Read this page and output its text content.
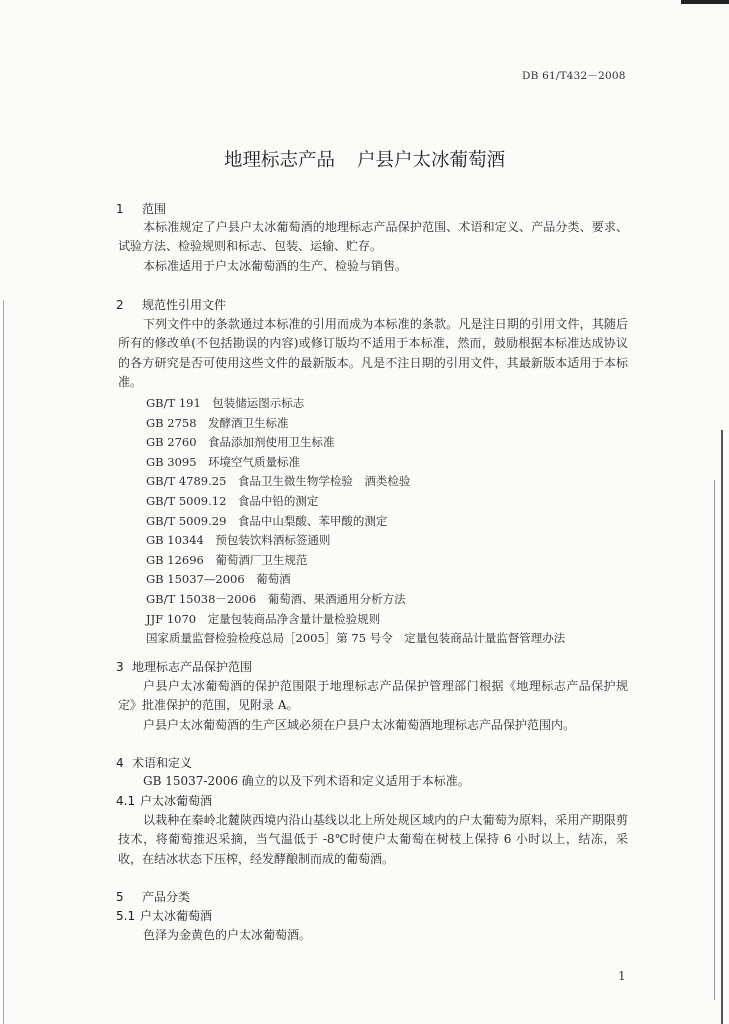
DB 61/T432－2008
地理标志产品 户县户太冰葡萄酒
1 范围
本标准规定了户县户太冰葡萄酒的地理标志产品保护范围、术语和定义、产品分类、要求、试验方法、检验规则和标志、包装、运输、贮存。
本标准适用于户太冰葡萄酒的生产、检验与销售。
2 规范性引用文件
下列文件中的条款通过本标准的引用而成为本标准的条款。凡是注日期的引用文件，其随后所有的修改单(不包括勘误的内容)或修订版均不适用于本标准，然而，鼓励根据本标准达成协议的各方研究是否可使用这些文件的最新版本。凡是不注日期的引用文件，其最新版本适用于本标准。
GB/T 191　包装储运图示标志
GB 2758　发酵酒卫生标准
GB 2760　食品添加剂使用卫生标准
GB 3095　环境空气质量标准
GB/T 4789.25　食品卫生微生物学检验　酒类检验
GB/T 5009.12　食品中铅的测定
GB/T 5009.29　食品中山梨酸、苯甲酸的测定
GB 10344　预包装饮料酒标签通则
GB 12696　葡萄酒厂卫生规范
GB 15037—2006　葡萄酒
GB/T 15038－2006　葡萄酒、果酒通用分析方法
JJF 1070　定量包装商品净含量计量检验规则
国家质量监督检验检疫总局［2005］第 75 号令　定量包装商品计量监督管理办法
3 地理标志产品保护范围
户县户太冰葡萄酒的保护范围限于地理标志产品保护管理部门根据《地理标志产品保护规定》批准保护的范围，见附录 A。
户县户太冰葡萄酒的生产区域必须在户县户太冰葡萄酒地理标志产品保护范围内。
4 术语和定义
GB 15037-2006 确立的以及下列术语和定义适用于本标准。
4.1 户太冰葡萄酒
以栽种在秦岭北麓陕西境内沿山基线以北上所处规区域内的户太葡萄为原料，采用产期限剪技术，将葡萄推迟采摘，当气温低于 -8℃时使户太葡萄在树枝上保持 6 小时以上，结冻，采收，在结冰状态下压榨，经发酵酿制而成的葡萄酒。
5 产品分类
5.1 户太冰葡萄酒
色泽为金黄色的户太冰葡萄酒。
1
